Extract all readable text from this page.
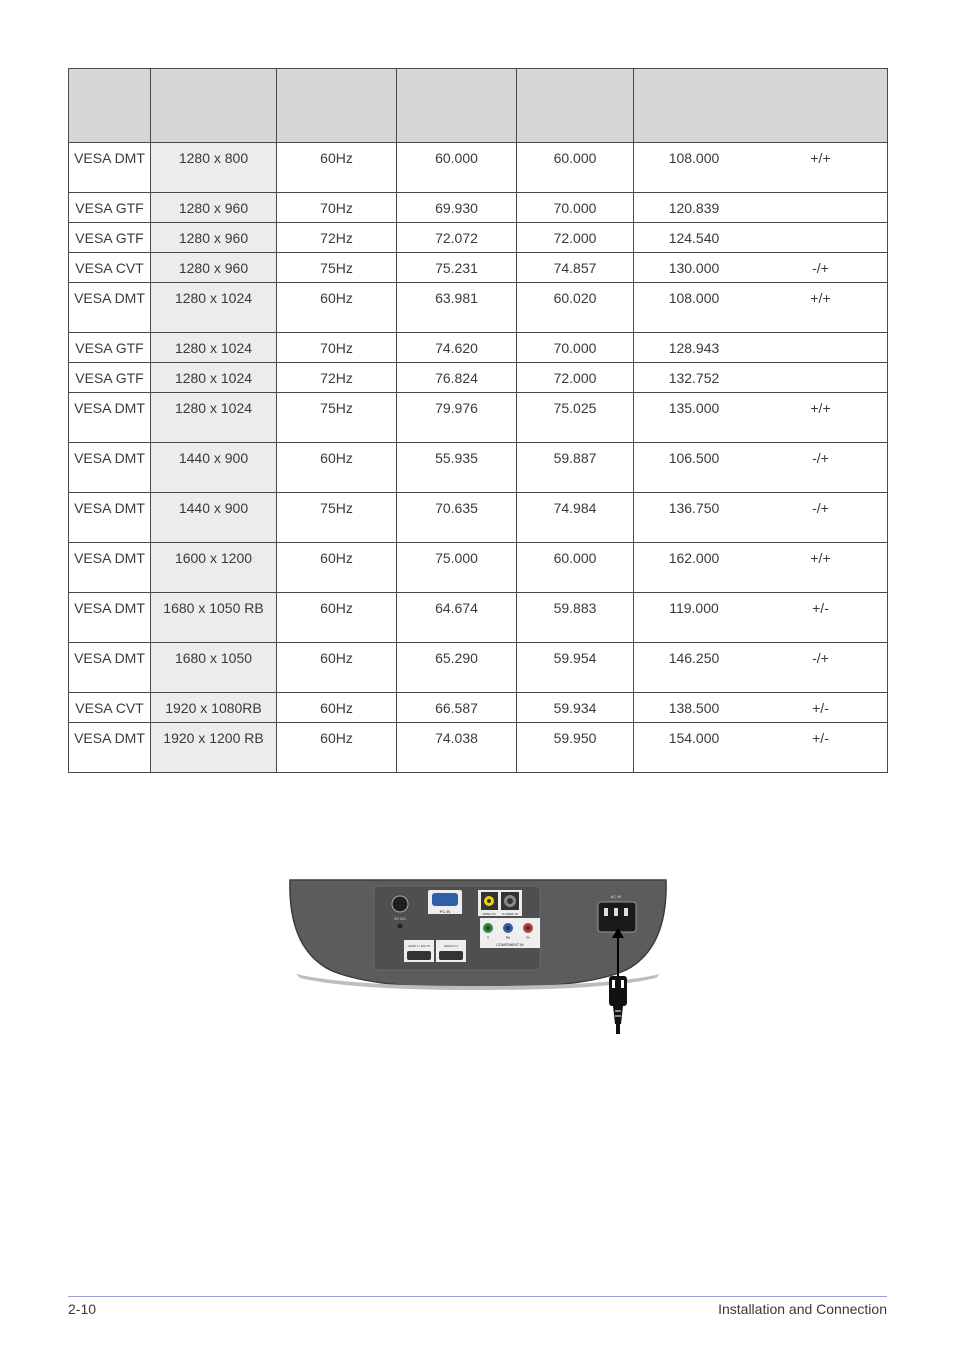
VESA DMT	1280 x 800	60Hz	60.000	60.000	108.000 +/+

VESA GTF	1280 x 960	70Hz	69.930	70.000	120.839

VESA GTF	1280 x 960	72Hz	72.072	72.000	124.540

VESA CVT	1280 x 960	75Hz	75.231	74.857	130.000 -/+

VESA DMT	1280 x 1024	60Hz	63.981	60.020	108.000 +/+

VESA GTF	1280 x 1024	70Hz	74.620	70.000	128.943

VESA GTF	1280 x 1024	72Hz	76.824	72.000	132.752

VESA DMT	1280 x 1024	75Hz	79.976	75.025	135.000 +/+

VESA DMT	1440 x 900	60Hz	55.935	59.887	106.500 -/+

VESA DMT	1440 x 900	75Hz	70.635	74.984	136.750 -/+

VESA DMT	1600 x 1200	60Hz	75.000	60.000	162.000 +/+

VESA DMT	1680 x 1050 RB	60Hz	64.674	59.883	119.000 +/-

VESA DMT	1680 x 1050	60Hz	65.290	59.954	146.250 -/+

VESA CVT	1920 x 1080RB	60Hz	66.587	59.934	138.500 +/-

VESA DMT	1920 x 1200 RB	60Hz	74.038	59.950	154.000 +/-
9V DC
PC IN	VIDEO IN S-VIDEO IN
Y	Pb	Pr
COMPONENT IN
HDMI 1 / DVI IN	HDMI IN 2
AC IN
2-10	Installation and Connection
